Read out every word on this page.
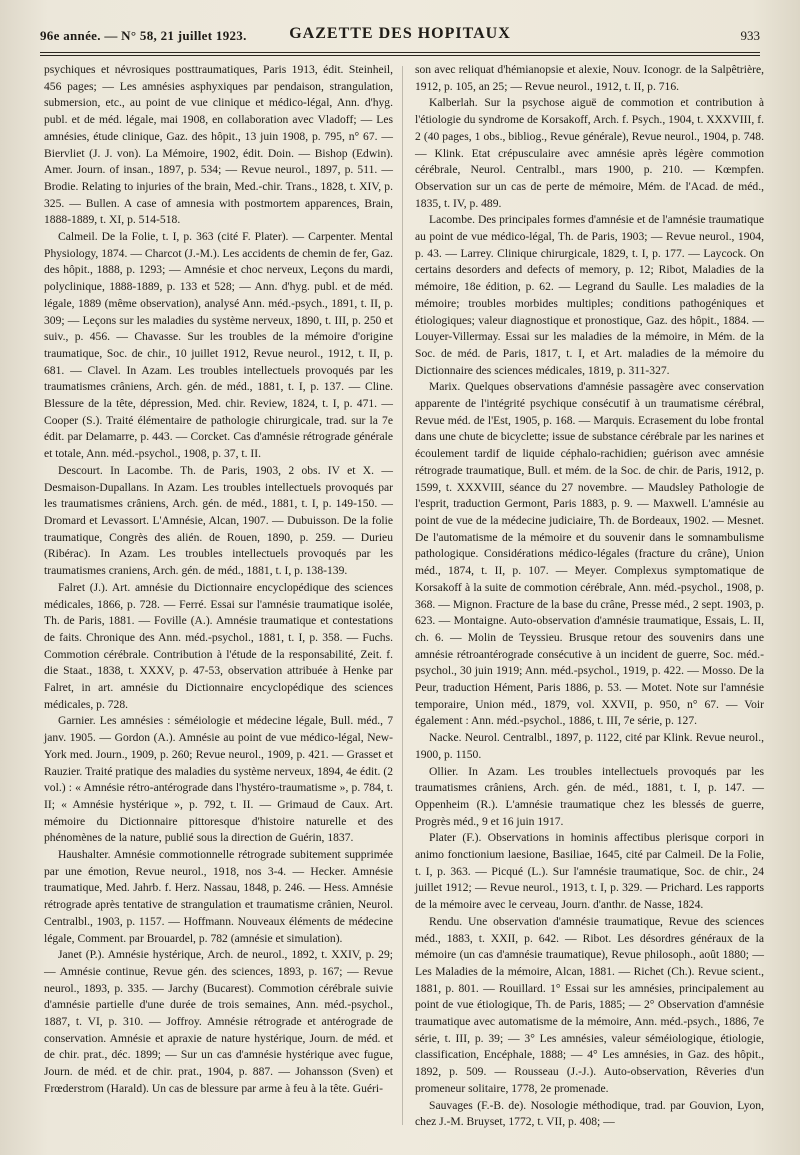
96e année. — N° 58, 21 juillet 1923.	GAZETTE DES HOPITAUX	933

psychiques et névrosiques posttraumatiques, Paris 1913, édit. Steinheil, 456 pages; — Les amnésies asphyxiques par pendaison, strangulation, submersion, etc., au point de vue clinique et médico-légal, Ann. d'hyg. publ. et de méd. légale, mai 1908, en collaboration avec Vladoff; — Les amnésies, étude clinique, Gaz. des hôpit., 13 juin 1908, p. 795, n° 67. — Biervliet (J. J. von). La Mémoire, 1902, édit. Doin. — Bishop (Edwin). Amer. Journ. of insan., 1897, p. 534; — Revue neurol., 1897, p. 511. — Brodie. Relating to injuries of the brain, Med.-chir. Trans., 1828, t. XIV, p. 325. — Bullen. A case of amnesia with postmortem apparences, Brain, 1888-1889, t. XI, p. 514-518.

Calmeil. De la Folie, t. I, p. 363 (cité F. Plater). — Carpenter. Mental Physiology, 1874. — Charcot (J.-M.). Les accidents de chemin de fer, Gaz. des hôpit., 1888, p. 1293; — Amnésie et choc nerveux, Leçons du mardi, polyclinique, 1888-1889, p. 133 et 528; — Ann. d'hyg. publ. et de méd. légale, 1889 (même observation), analysé Ann. méd.-psych., 1891, t. II, p. 309; — Leçons sur les maladies du système nerveux, 1890, t. III, p. 250 et suiv., p. 456. — Chavasse. Sur les troubles de la mémoire d'origine traumatique, Soc. de chir., 10 juillet 1912, Revue neurol., 1912, t. II, p. 681. — Clavel. In Azam. Les troubles intellectuels provoqués par les traumatismes crâniens, Arch. gén. de méd., 1881, t. I, p. 137. — Cline. Blessure de la tête, dépression, Med. chir. Review, 1824, t. I, p. 471. — Cooper (S.). Traité élémentaire de pathologie chirurgicale, trad. sur la 7e édit. par Delamarre, p. 443. — Corcket. Cas d'amnésie rétrograde générale et totale, Ann. méd.-psychol., 1908, p. 37, t. II.

Descourt. In Lacombe. Th. de Paris, 1903, 2 obs. IV et X. — Desmaison-Dupallans. In Azam. Les troubles intellectuels provoqués par les traumatismes crâniens, Arch. gén. de méd., 1881, t. I, p. 149-150. — Dromard et Levassort. L'Amnésie, Alcan, 1907. — Dubuisson. De la folie traumatique, Congrès des alién. de Rouen, 1890, p. 259. — Durieu (Ribérac). In Azam. Les troubles intellectuels provoqués par les traumatismes craniens, Arch. gén. de méd., 1881, t. I, p. 138-139.

Falret (J.). Art. amnésie du Dictionnaire encyclopédique des sciences médicales, 1866, p. 728. — Ferré. Essai sur l'amnésie traumatique isolée, Th. de Paris, 1881. — Foville (A.). Amnésie traumatique et contestations de faits. Chronique des Ann. méd.-psychol., 1881, t. I, p. 358. — Fuchs. Commotion cérébrale. Contribution à l'étude de la responsabilité, Zeit. f. die Staat., 1838, t. XXXV, p. 47-53, observation attribuée à Henke par Falret, in art. amnésie du Dictionnaire encyclopédique des sciences médicales, p. 728.

Garnier. Les amnésies : séméiologie et médecine légale, Bull. méd., 7 janv. 1905. — Gordon (A.). Amnésie au point de vue médico-légal, New-York med. Journ., 1909, p. 260; Revue neurol., 1909, p. 421. — Grasset et Rauzier. Traité pratique des maladies du système nerveux, 1894, 4e édit. (2 vol.) : « Amnésie rétro-antérograde dans l'hystéro-traumatisme », p. 784, t. II; « Amnésie hystérique », p. 792, t. II. — Grimaud de Caux. Art. mémoire du Dictionnaire pittoresque d'histoire naturelle et des phénomènes de la nature, publié sous la direction de Guérin, 1837.

Haushalter. Amnésie commotionnelle rétrograde subitement supprimée par une émotion, Revue neurol., 1918, nos 3-4. — Hecker. Amnésie traumatique, Med. Jahrb. f. Herz. Nassau, 1848, p. 246. — Hess. Amnésie rétrograde après tentative de strangulation et traumatisme crânien, Neurol. Centralbl., 1903, p. 1157. — Hoffmann. Nouveaux éléments de médecine légale, Comment. par Brouardel, p. 782 (amnésie et simulation).

Janet (P.). Amnésie hystérique, Arch. de neurol., 1892, t. XXIV, p. 29; — Amnésie continue, Revue gén. des sciences, 1893, p. 167; — Revue neurol., 1893, p. 335. — Jarchy (Bucarest). Commotion cérébrale suivie d'amnésie partielle d'une durée de trois semaines, Ann. méd.-psychol., 1887, t. VI, p. 310. — Joffroy. Amnésie rétrograde et antérograde de conservation. Amnésie et apraxie de nature hystérique, Journ. de méd. et de chir. prat., déc. 1899; — Sur un cas d'amnésie hystérique avec fugue, Journ. de méd. et de chir. prat., 1904, p. 887. — Johansson (Sven) et Frœderstrom (Harald). Un cas de blessure par arme à feu à la tête. Guéri-

son avec reliquat d'hémianopsie et alexie, Nouv. Iconogr. de la Salpêtrière, 1912, p. 105, an 25; — Revue neurol., 1912, t. II, p. 716.

Kalberlah. Sur la psychose aiguë de commotion et contribution à l'étiologie du syndrome de Korsakoff, Arch. f. Psych., 1904, t. XXXVIII, f. 2 (40 pages, 1 obs., bibliog., Revue générale), Revue neurol., 1904, p. 748. — Klink. Etat crépusculaire avec amnésie après légère commotion cérébrale, Neurol. Centralbl., mars 1900, p. 210. — Kœmpfen. Observation sur un cas de perte de mémoire, Mém. de l'Acad. de méd., 1835, t. IV, p. 489.

Lacombe. Des principales formes d'amnésie et de l'amnésie traumatique au point de vue médico-légal, Th. de Paris, 1903; — Revue neurol., 1904, p. 43. — Larrey. Clinique chirurgicale, 1829, t. I, p. 177. — Laycock. On certains desorders and defects of memory, p. 12; Ribot, Maladies de la mémoire, 18e édition, p. 62. — Legrand du Saulle. Les maladies de la mémoire; troubles morbides multiples; conditions pathogéniques et étiologiques; valeur diagnostique et pronostique, Gaz. des hôpit., 1884. — Louyer-Villermay. Essai sur les maladies de la mémoire, in Mém. de la Soc. de méd. de Paris, 1817, t. I, et Art. maladies de la mémoire du Dictionnaire des sciences médicales, 1819, p. 311-327.

Marix. Quelques observations d'amnésie passagère avec conservation apparente de l'intégrité psychique consécutif à un traumatisme cérébral, Revue méd. de l'Est, 1905, p. 168. — Marquis. Ecrasement du lobe frontal dans une chute de bicyclette; issue de substance cérébrale par les narines et écoulement tardif de liquide céphalo-rachidien; guérison avec amnésie rétrograde traumatique, Bull. et mém. de la Soc. de chir. de Paris, 1912, p. 1599, t. XXXVIII, séance du 27 novembre. — Maudsley Pathologie de l'esprit, traduction Germont, Paris 1883, p. 9. — Maxwell. L'amnésie au point de vue de la médecine judiciaire, Th. de Bordeaux, 1902. — Mesnet. De l'automatisme de la mémoire et du souvenir dans le somnambulisme pathologique. Considérations médico-légales (fracture du crâne), Union méd., 1874, t. II, p. 107. — Meyer. Complexus symptomatique de Korsakoff à la suite de commotion cérébrale, Ann. méd.-psychol., 1908, p. 368. — Mignon. Fracture de la base du crâne, Presse méd., 2 sept. 1903, p. 623. — Montaigne. Auto-observation d'amnésie traumatique, Essais, L. II, ch. 6. — Molin de Teyssieu. Brusque retour des souvenirs dans une amnésie rétroantérograde consécutive à un incident de guerre, Soc. méd.-psychol., 30 juin 1919; Ann. méd.-psychol., 1919, p. 422. — Mosso. De la Peur, traduction Hément, Paris 1886, p. 53. — Motet. Note sur l'amnésie temporaire, Union méd., 1879, vol. XXVII, p. 950, n° 67. — Voir également : Ann. méd.-psychol., 1886, t. III, 7e série, p. 127.

Nacke. Neurol. Centralbl., 1897, p. 1122, cité par Klink. Revue neurol., 1900, p. 1150.

Ollier. In Azam. Les troubles intellectuels provoqués par les traumatismes crâniens, Arch. gén. de méd., 1881, t. I, p. 147. — Oppenheim (R.). L'amnésie traumatique chez les blessés de guerre, Progrès méd., 9 et 16 juin 1917.

Plater (F.). Observations in hominis affectibus plerisque corpori in animo fonctionium laesione, Basiliae, 1645, cité par Calmeil. De la Folie, t. I, p. 363. — Picqué (L.). Sur l'amnésie traumatique, Soc. de chir., 24 juillet 1912; — Revue neurol., 1913, t. I, p. 329. — Prichard. Les rapports de la mémoire avec le cerveau, Journ. d'anthr. de Nasse, 1824.

Rendu. Une observation d'amnésie traumatique, Revue des sciences méd., 1883, t. XXII, p. 642. — Ribot. Les désordres généraux de la mémoire (un cas d'amnésie traumatique), Revue philosoph., août 1880; — Les Maladies de la mémoire, Alcan, 1881. — Richet (Ch.). Revue scient., 1881, p. 801. — Rouillard. 1° Essai sur les amnésies, principalement au point de vue étiologique, Th. de Paris, 1885; — 2° Observation d'amnésie traumatique avec automatisme de la mémoire, Ann. méd.-psych., 1886, 7e série, t. III, p. 39; — 3° Les amnésies, valeur séméiologique, étiologie, classification, Encéphale, 1888; — 4° Les amnésies, in Gaz. des hôpit., 1892, p. 509. — Rousseau (J.-J.). Auto-observation, Rêveries d'un promeneur solitaire, 1778, 2e promenade.

Sauvages (F.-B. de). Nosologie méthodique, trad. par Gouvion, Lyon, chez J.-M. Bruyset, 1772, t. VII, p. 408; —
